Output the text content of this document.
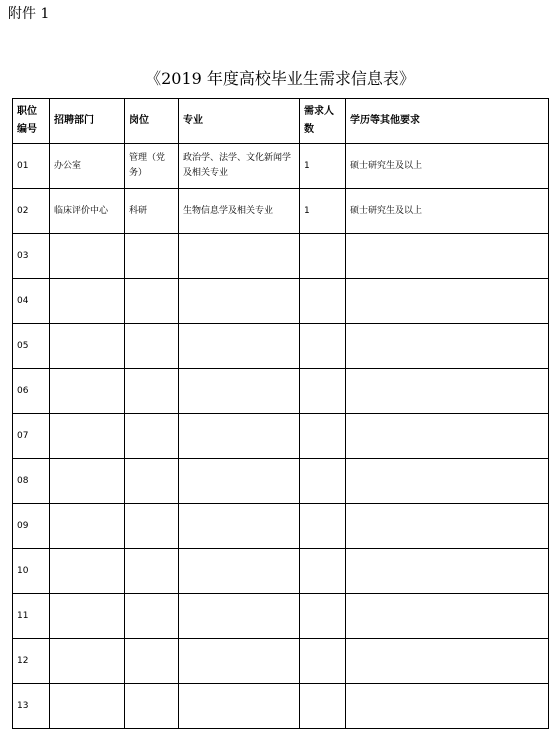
附件 1
《2019 年度高校毕业生需求信息表》
职位编号	招聘部门	岗位	专业	需求人数	学历等其他要求
01	办公室	管理（党务）	政治学、法学、文化新闻学及相关专业	1	硕士研究生及以上
02	临床评价中心	科研	生物信息学及相关专业	1	硕士研究生及以上
03					
04					
05					
06					
07					
08					
09					
10					
11					
12					
13					
